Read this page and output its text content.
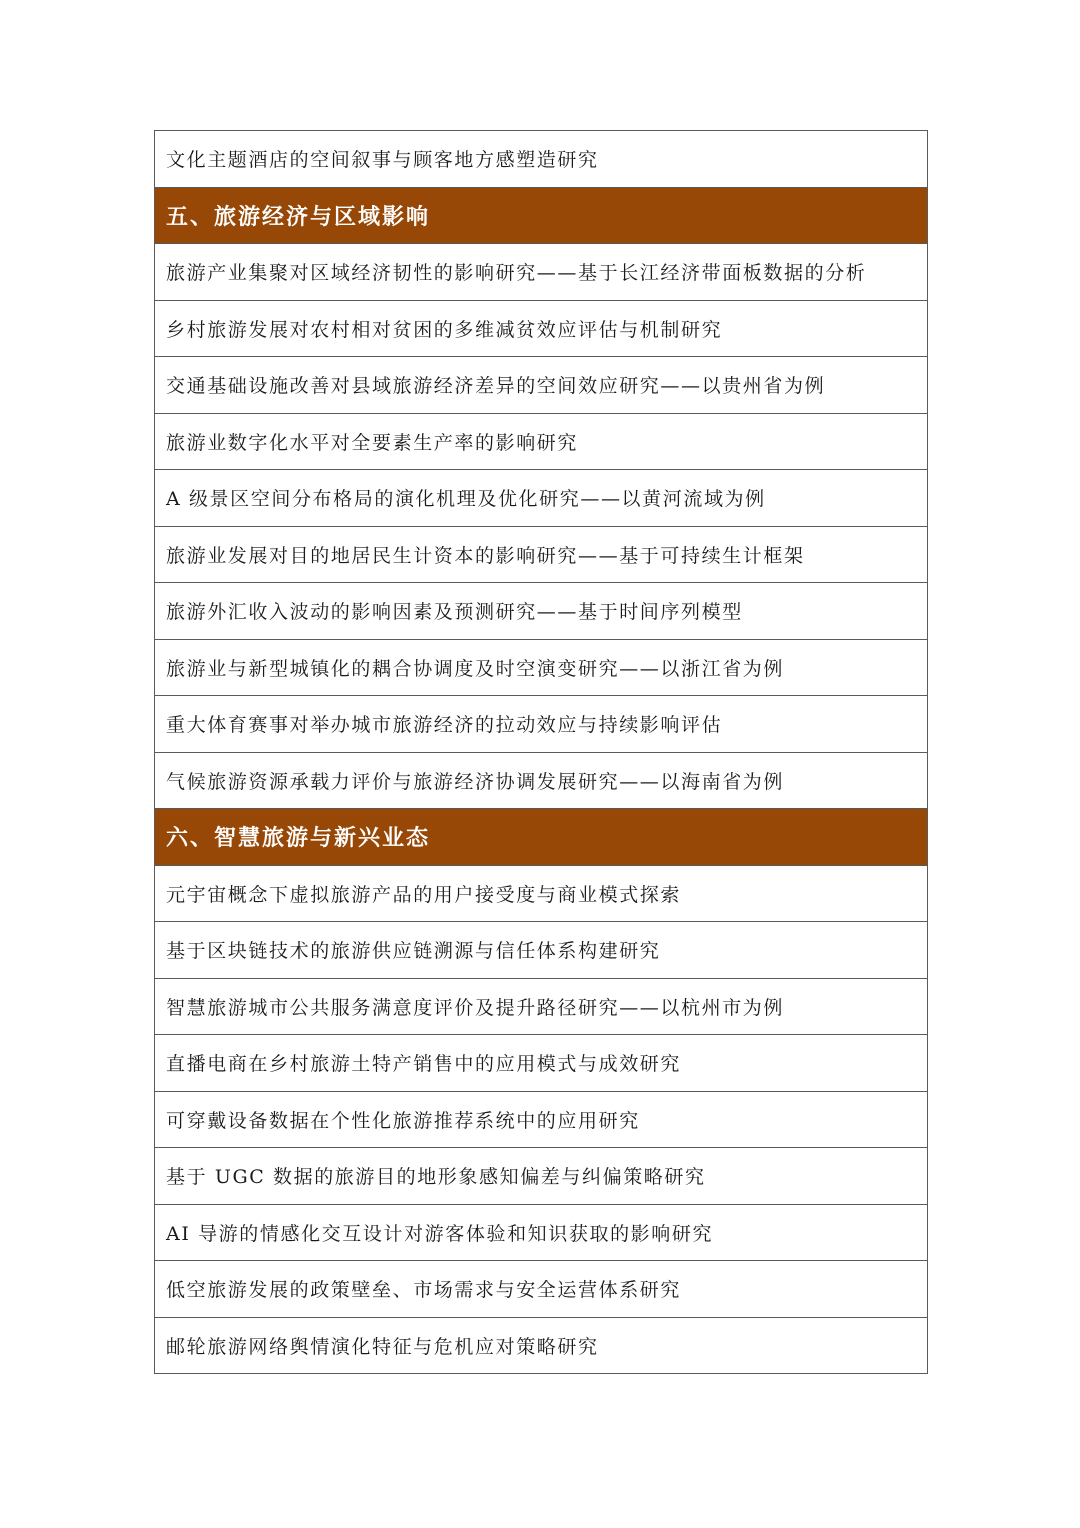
文化主题酒店的空间叙事与顾客地方感塑造研究
五、旅游经济与区域影响
旅游产业集聚对区域经济韧性的影响研究——基于长江经济带面板数据的分析
乡村旅游发展对农村相对贫困的多维减贫效应评估与机制研究
交通基础设施改善对县域旅游经济差异的空间效应研究——以贵州省为例
旅游业数字化水平对全要素生产率的影响研究
A 级景区空间分布格局的演化机理及优化研究——以黄河流域为例
旅游业发展对目的地居民生计资本的影响研究——基于可持续生计框架
旅游外汇收入波动的影响因素及预测研究——基于时间序列模型
旅游业与新型城镇化的耦合协调度及时空演变研究——以浙江省为例
重大体育赛事对举办城市旅游经济的拉动效应与持续影响评估
气候旅游资源承载力评价与旅游经济协调发展研究——以海南省为例
六、智慧旅游与新兴业态
元宇宙概念下虚拟旅游产品的用户接受度与商业模式探索
基于区块链技术的旅游供应链溯源与信任体系构建研究
智慧旅游城市公共服务满意度评价及提升路径研究——以杭州市为例
直播电商在乡村旅游土特产销售中的应用模式与成效研究
可穿戴设备数据在个性化旅游推荐系统中的应用研究
基于 UGC 数据的旅游目的地形象感知偏差与纠偏策略研究
AI 导游的情感化交互设计对游客体验和知识获取的影响研究
低空旅游发展的政策壁垒、市场需求与安全运营体系研究
邮轮旅游网络舆情演化特征与危机应对策略研究
